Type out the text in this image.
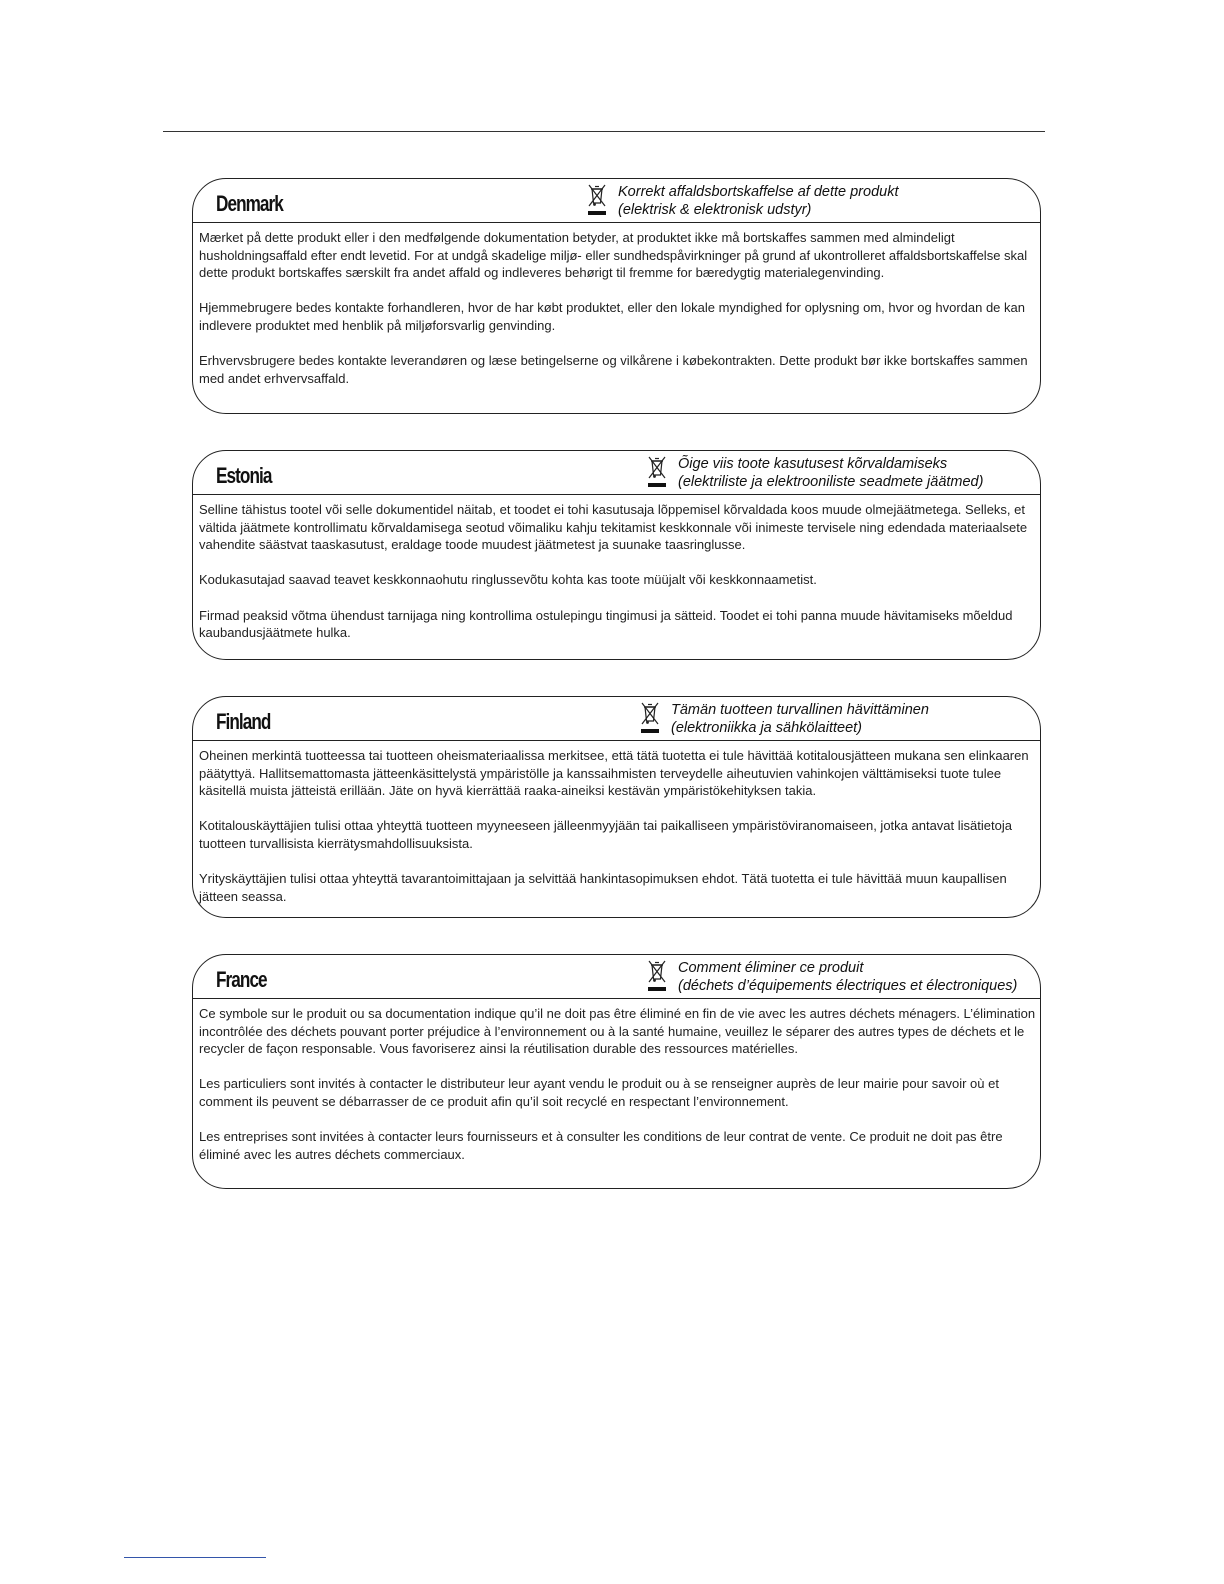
Denmark	Korrekt affaldsbortskaffelse af dette produkt
(elektrisk & elektronisk udstyr)

Mærket på dette produkt eller i den medfølgende dokumentation betyder, at produktet ikke må bortskaffes sammen med almindeligt husholdningsaffald efter endt levetid. For at undgå skadelige miljø- eller sundhedspåvirkninger på grund af ukontrolleret affaldsbortskaffelse skal dette produkt bortskaffes særskilt fra andet affald og indleveres behørigt til fremme for bæredygtig materialegenvinding.

Hjemmebrugere bedes kontakte forhandleren, hvor de har købt produktet, eller den lokale myndighed for oplysning om, hvor og hvordan de kan indlevere produktet med henblik på miljøforsvarlig genvinding.

Erhvervsbrugere bedes kontakte leverandøren og læse betingelserne og vilkårene i købekontrakten. Dette produkt bør ikke bortskaffes sammen med andet erhvervsaffald.

Estonia	Õige viis toote kasutusest kõrvaldamiseks
(elektriliste ja elektrooniliste seadmete jäätmed)

Selline tähistus tootel või selle dokumentidel näitab, et toodet ei tohi kasutusaja lõppemisel kõrvaldada koos muude olmejäätmetega. Selleks, et vältida jäätmete kontrollimatu kõrvaldamisega seotud võimaliku kahju tekitamist keskkonnale või inimeste tervisele ning edendada materiaalsete vahendite säästvat taaskasutust, eraldage toode muudest jäätmetest ja suunake taasringlusse.

Kodukasutajad saavad teavet keskkonnaohutu ringlussevõtu kohta kas toote müüjalt või keskkonnaametist.

Firmad peaksid võtma ühendust tarnijaga ning kontrollima ostulepingu tingimusi ja sätteid. Toodet ei tohi panna muude hävitamiseks mõeldud kaubandusjäätmete hulka.

Finland	Tämän tuotteen turvallinen hävittäminen
(elektroniikka ja sähkölaitteet)

Oheinen merkintä tuotteessa tai tuotteen oheismateriaalissa merkitsee, että tätä tuotetta ei tule hävittää kotitalousjätteen mukana sen elinkaaren päätyttyä. Hallitsemattomasta jätteenkäsittelystä ympäristölle ja kanssaihmisten terveydelle aiheutuvien vahinkojen välttämiseksi tuote tulee käsitellä muista jätteistä erillään. Jäte on hyvä kierrättää raaka-aineiksi kestävän ympäristökehityksen takia.

Kotitalouskäyttäjien tulisi ottaa yhteyttä tuotteen myyneeseen jälleenmyyjään tai paikalliseen ympäristöviranomaiseen, jotka antavat lisätietoja tuotteen turvallisista kierrätysmahdollisuuksista.

Yrityskäyttäjien tulisi ottaa yhteyttä tavarantoimittajaan ja selvittää hankintasopimuksen ehdot. Tätä tuotetta ei tule hävittää muun kaupallisen jätteen seassa.

France	Comment éliminer ce produit
(déchets d’équipements électriques et électroniques)

Ce symbole sur le produit ou sa documentation indique qu’il ne doit pas être éliminé en fin de vie avec les autres déchets ménagers. L’élimination incontrôlée des déchets pouvant porter préjudice à l’environnement ou à la santé humaine, veuillez le séparer des autres types de déchets et le recycler de façon responsable. Vous favoriserez ainsi la réutilisation durable des ressources matérielles.

Les particuliers sont invités à contacter le distributeur leur ayant vendu le produit ou à se renseigner auprès de leur mairie pour savoir où et comment ils peuvent se débarrasser de ce produit afin qu’il soit recyclé en respectant l’environnement.

Les entreprises sont invitées à contacter leurs fournisseurs et à consulter les conditions de leur contrat de vente. Ce produit ne doit pas être éliminé avec les autres déchets commerciaux.
